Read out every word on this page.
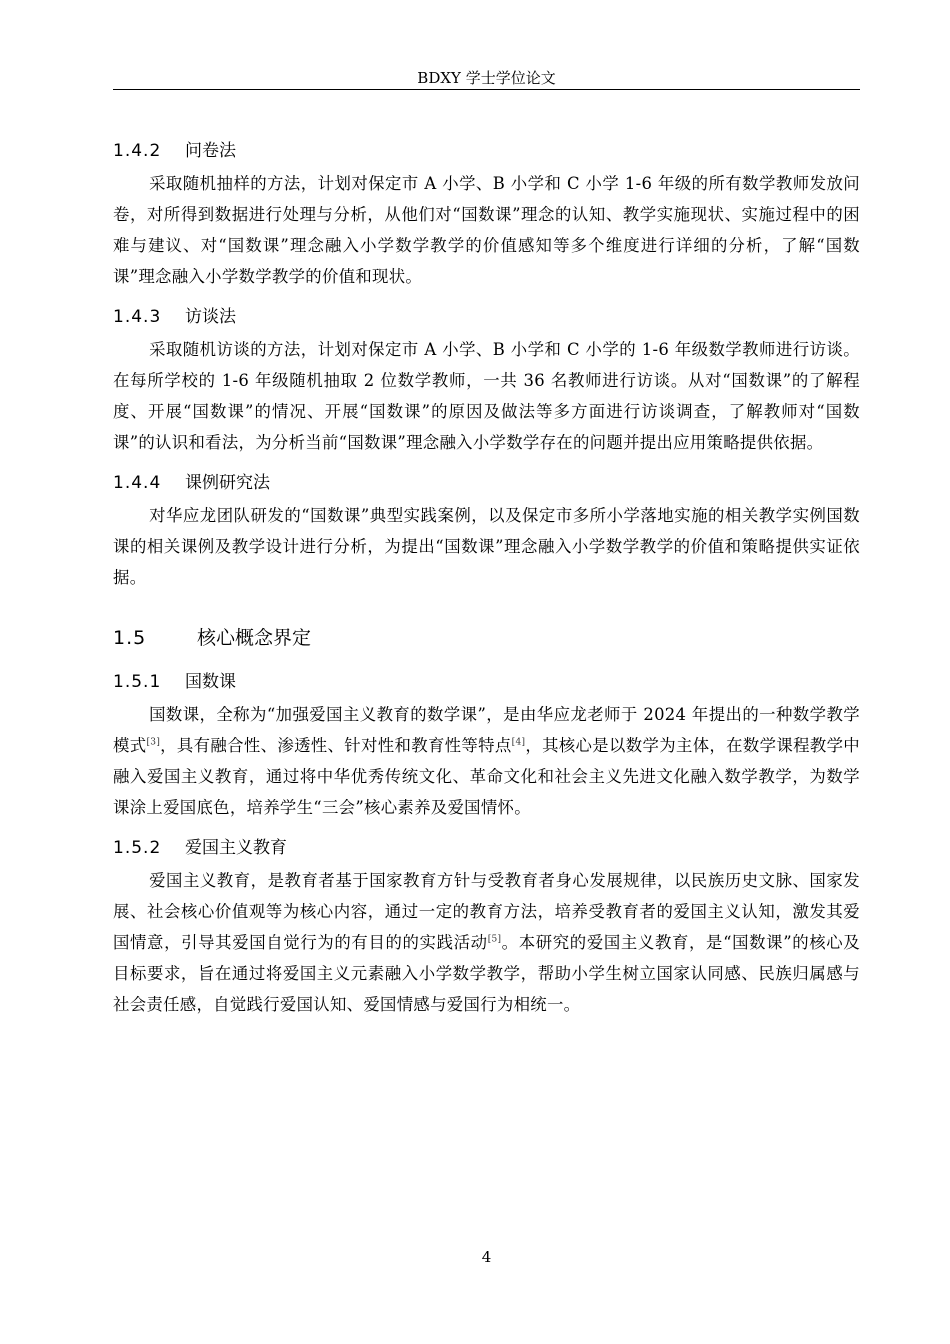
BDXY 学士学位论文
1.4.2 问卷法

采取随机抽样的方法，计划对保定市 A 小学、B 小学和 C 小学 1-6 年级的所有数学教师发放问卷，对所得到数据进行处理与分析，从他们对“国数课”理念的认知、教学实施现状、实施过程中的困难与建议、对“国数课”理念融入小学数学教学的价值感知等多个维度进行详细的分析，了解“国数课”理念融入小学数学教学的价值和现状。

1.4.3 访谈法

采取随机访谈的方法，计划对保定市 A 小学、B 小学和 C 小学的 1-6 年级数学教师进行访谈。在每所学校的 1-6 年级随机抽取 2 位数学教师，一共 36 名教师进行访谈。从对“国数课”的了解程度、开展“国数课”的情况、开展“国数课”的原因及做法等多方面进行访谈调查，了解教师对“国数课”的认识和看法，为分析当前“国数课”理念融入小学数学存在的问题并提出应用策略提供依据。

1.4.4 课例研究法

对华应龙团队研发的“国数课”典型实践案例，以及保定市多所小学落地实施的相关教学实例国数课的相关课例及教学设计进行分析，为提出“国数课”理念融入小学数学教学的价值和策略提供实证依据。

1.5	核心概念界定
1.5.1 国数课

国数课，全称为“加强爱国主义教育的数学课”，是由华应龙老师于 2024 年提出的一种数学教学模式[3]，具有融合性、渗透性、针对性和教育性等特点[4]，其核心是以数学为主体，在数学课程教学中融入爱国主义教育，通过将中华优秀传统文化、革命文化和社会主义先进文化融入数学教学，为数学课涂上爱国底色，培养学生“三会”核心素养及爱国情怀。

1.5.2 爱国主义教育

爱国主义教育，是教育者基于国家教育方针与受教育者身心发展规律，以民族历史文脉、国家发展、社会核心价值观等为核心内容，通过一定的教育方法，培养受教育者的爱国主义认知，激发其爱国情意，引导其爱国自觉行为的有目的的实践活动[5]。本研究的爱国主义教育，是“国数课”的核心及目标要求，旨在通过将爱国主义元素融入小学数学教学，帮助小学生树立国家认同感、民族归属感与社会责任感，自觉践行爱国认知、爱国情感与爱国行为相统一。

4
